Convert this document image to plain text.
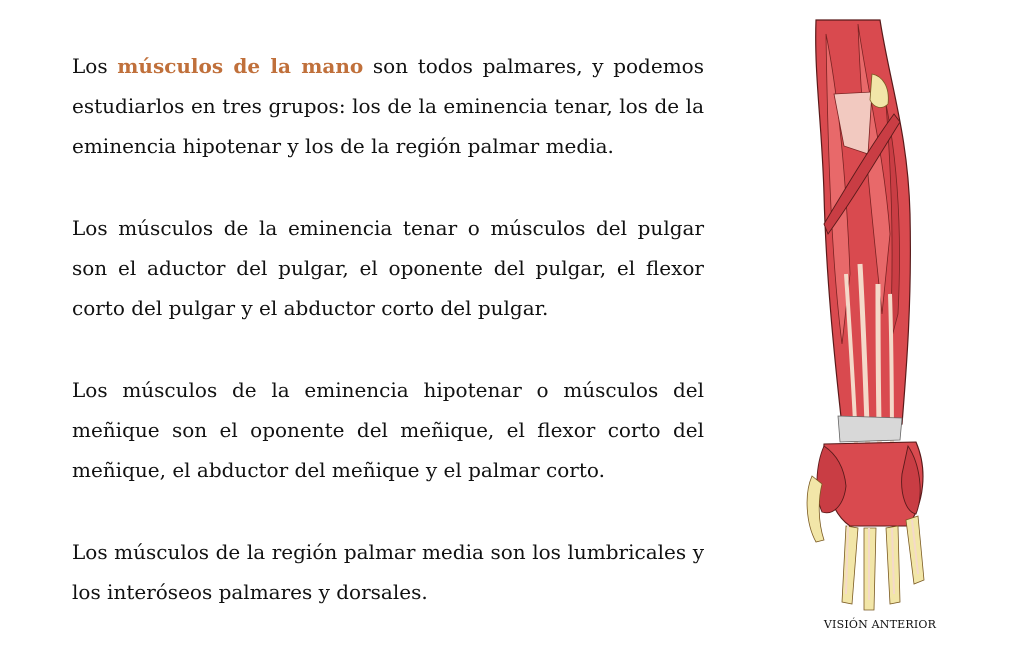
Los músculos de la mano son todos palmares, y podemos estudiarlos en tres grupos: los de la eminencia tenar, los de la eminencia hipotenar y los de la región palmar media.

Los músculos de la eminencia tenar o músculos del pulgar son el aductor del pulgar, el oponente del pulgar, el flexor corto del pulgar y el abductor corto del pulgar.

Los músculos de la eminencia hipotenar o músculos del meñique son el oponente del meñique, el flexor corto del meñique, el abductor del meñique y el palmar corto.

Los músculos de la región palmar media son los lumbricales y los interóseos palmares y dorsales.

VISIÓN ANTERIOR
